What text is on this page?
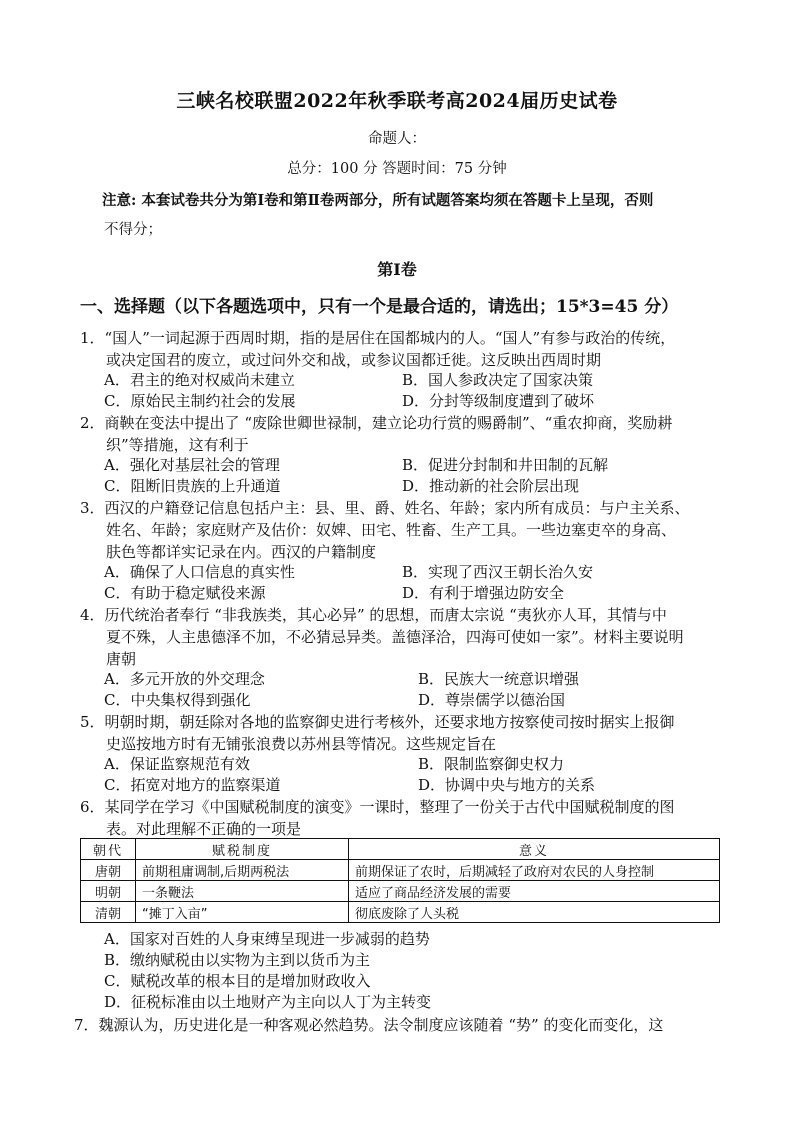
三峡名校联盟2022年秋季联考高2024届历史试卷
命题人：
总分：100 分 答题时间：75 分钟
注意: 本套试卷共分为第Ⅰ卷和第Ⅱ卷两部分，所有试题答案均须在答题卡上呈现，否则
不得分；
第Ⅰ卷
一、选择题（以下各题选项中，只有一个是最合适的，请选出；15*3=45 分）
1．“国人”一词起源于西周时期，指的是居住在国都城内的人。“国人”有参与政治的传统，
或决定国君的废立，或过问外交和战，或参议国都迁徙。这反映出西周时期
A．君主的绝对权威尚未建立	B．国人参政决定了国家决策
C．原始民主制约社会的发展	D．分封等级制度遭到了破坏
2．商鞅在变法中提出了 “废除世卿世禄制，建立论功行赏的赐爵制”、“重农抑商，奖励耕
织”等措施，这有利于
A．强化对基层社会的管理	B．促进分封制和井田制的瓦解
C．阻断旧贵族的上升通道	D．推动新的社会阶层出现
3．西汉的户籍登记信息包括户主：县、里、爵、姓名、年龄；家内所有成员：与户主关系、
姓名、年龄；家庭财产及估价：奴婢、田宅、牲畜、生产工具。一些边塞吏卒的身高、
肤色等都详实记录在内。西汉的户籍制度
A．确保了人口信息的真实性	B．实现了西汉王朝长治久安
C．有助于稳定赋役来源	D．有利于增强边防安全
4．历代统治者奉行 “非我族类，其心必异” 的思想，而唐太宗说 “夷狄亦人耳，其情与中
夏不殊，人主患德泽不加，不必猜忌异类。盖德泽洽，四海可使如一家”。材料主要说明
唐朝
A．多元开放的外交理念	B．民族大一统意识增强
C．中央集权得到强化	D．尊崇儒学以德治国
5．明朝时期，朝廷除对各地的监察御史进行考核外，还要求地方按察使司按时据实上报御
史巡按地方时有无铺张浪费以苏州县等情况。这些规定旨在
A．保证监察规范有效	B．限制监察御史权力
C．拓宽对地方的监察渠道	D．协调中央与地方的关系
6．某同学在学习《中国赋税制度的演变》一课时，整理了一份关于古代中国赋税制度的图
表。对此理解不正确的一项是
朝代	赋税制度	意义
唐朝	前期租庸调制,后期两税法	前期保证了农时，后期减轻了政府对农民的人身控制
明朝	一条鞭法	适应了商品经济发展的需要
清朝	“摊丁入亩”	彻底废除了人头税
A．国家对百姓的人身束缚呈现进一步减弱的趋势
B．缴纳赋税由以实物为主到以货币为主
C．赋税改革的根本目的是增加财政收入
D．征税标准由以土地财产为主向以人丁为主转变
7．魏源认为，历史进化是一种客观必然趋势。法令制度应该随着 “势” 的变化而变化，这
